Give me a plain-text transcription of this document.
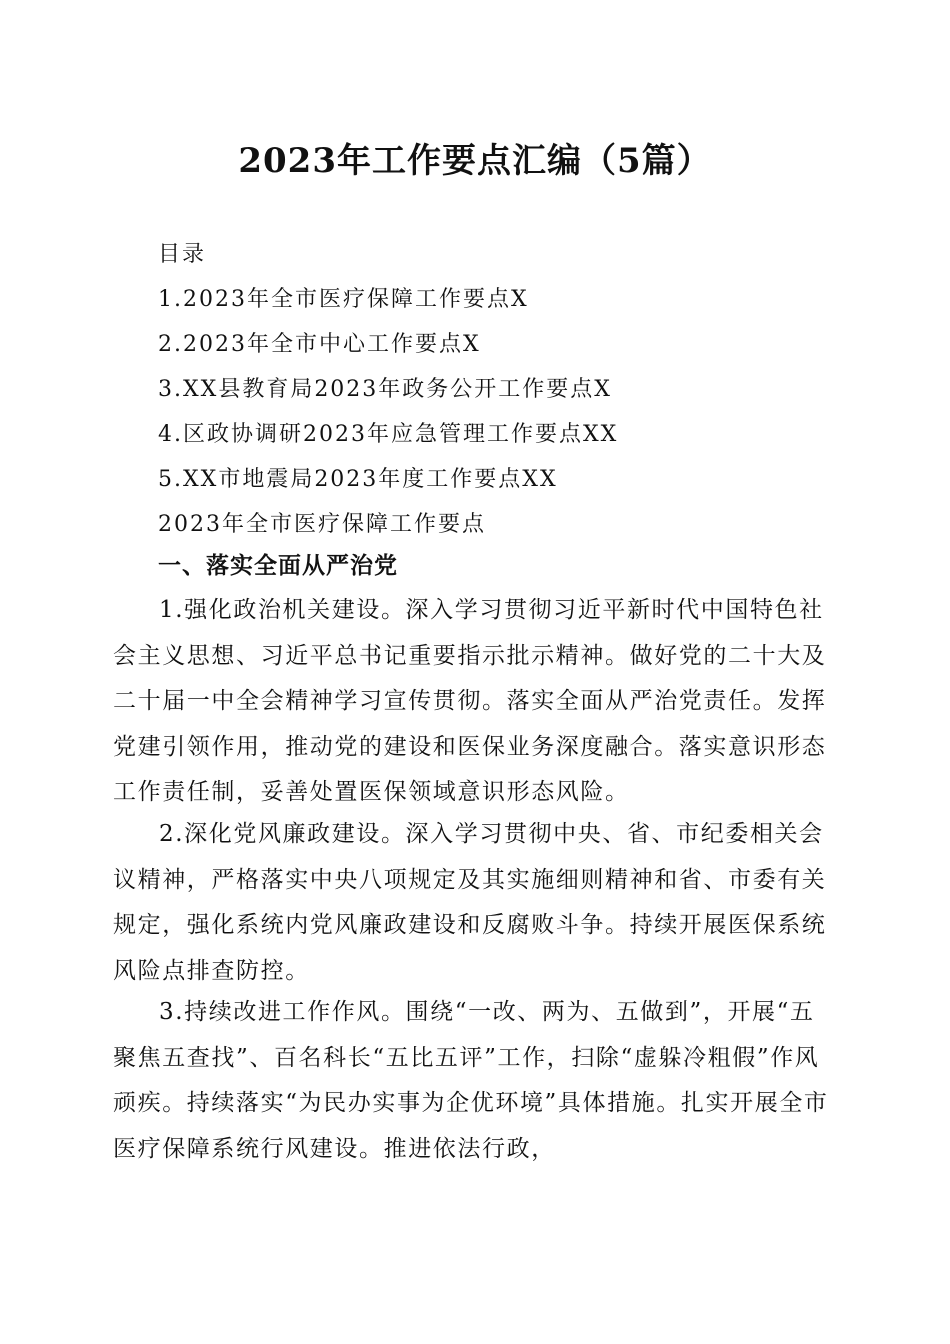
2023年工作要点汇编（5篇）
目录
1.2023年全市医疗保障工作要点X
2.2023年全市中心工作要点X
3.XX县教育局2023年政务公开工作要点X
4.区政协调研2023年应急管理工作要点XX
5.XX市地震局2023年度工作要点XX
2023年全市医疗保障工作要点
一、落实全面从严治党

1.强化政治机关建设。深入学习贯彻习近平新时代中国特色社会主义思想、习近平总书记重要指示批示精神。做好党的二十大及二十届一中全会精神学习宣传贯彻。落实全面从严治党责任。发挥党建引领作用，推动党的建设和医保业务深度融合。落实意识形态工作责任制，妥善处置医保领域意识形态风险。

2.深化党风廉政建设。深入学习贯彻中央、省、市纪委相关会议精神，严格落实中央八项规定及其实施细则精神和省、市委有关规定，强化系统内党风廉政建设和反腐败斗争。持续开展医保系统风险点排查防控。

3.持续改进工作作风。围绕“一改、两为、五做到”，开展“五聚焦五查找”、百名科长“五比五评”工作，扫除“虚躲冷粗假”作风顽疾。持续落实“为民办实事为企优环境”具体措施。扎实开展全市医疗保障系统行风建设。推进依法行政，
